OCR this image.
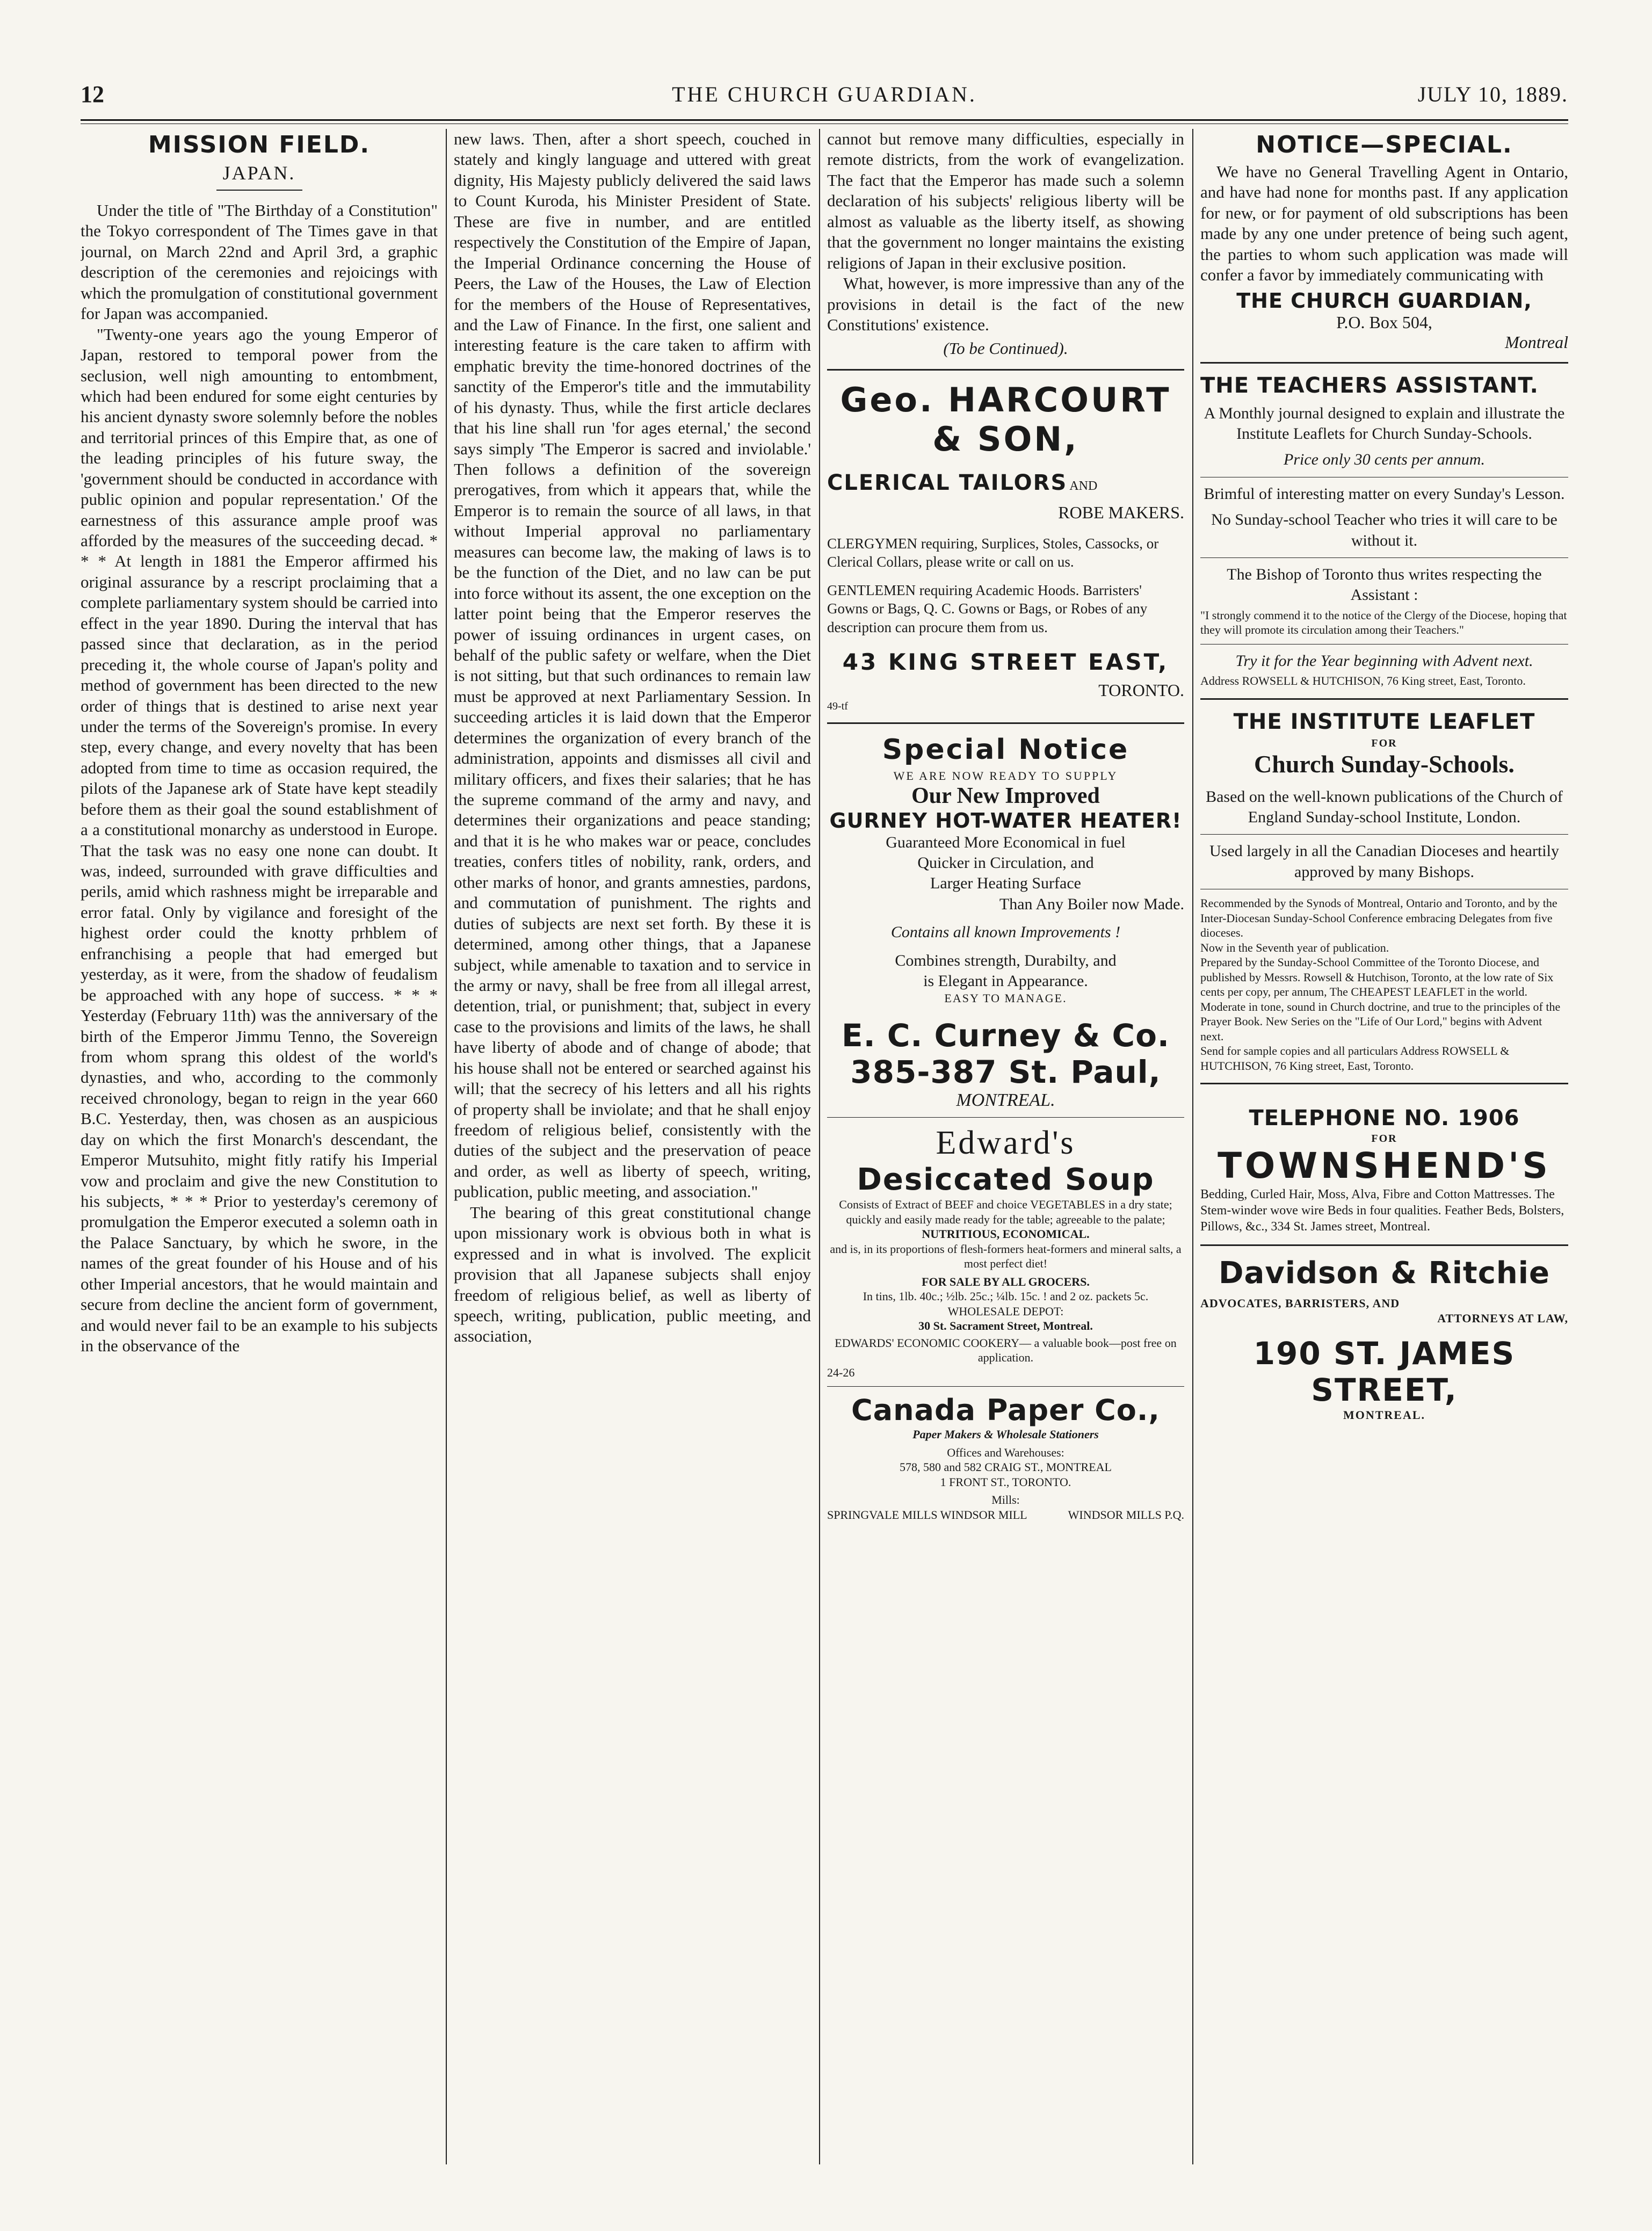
12	THE CHURCH GUARDIAN.	JULY 10, 1889.
MISSION FIELD.
JAPAN.

Under the title of "The Birthday of a Constitution" the Tokyo correspondent of The Times gave in that journal, on March 22nd and April 3rd, a graphic description of the ceremonies and rejoicings with which the promulgation of constitutional government for Japan was accompanied.

"Twenty-one years ago the young Emperor of Japan, restored to temporal power from the seclusion, well nigh amounting to entombment, which had been endured for some eight centuries by his ancient dynasty swore solemnly before the nobles and territorial princes of this Empire that, as one of the leading principles of his future sway, the 'government should be conducted in accordance with public opinion and popular representation.' Of the earnestness of this assurance ample proof was afforded by the measures of the succeeding decad. * * * At length in 1881 the Emperor affirmed his original assurance by a rescript proclaiming that a complete parliamentary system should be carried into effect in the year 1890. During the interval that has passed since that declaration, as in the period preceding it, the whole course of Japan's polity and method of government has been directed to the new order of things that is destined to arise next year under the terms of the Sovereign's promise. In every step, every change, and every novelty that has been adopted from time to time as occasion required, the pilots of the Japanese ark of State have kept steadily before them as their goal the sound establishment of a a constitutional monarchy as understood in Europe. That the task was no easy one none can doubt. It was, indeed, surrounded with grave difficulties and perils, amid which rashness might be irreparable and error fatal. Only by vigilance and foresight of the highest order could the knotty prhblem of enfranchising a people that had emerged but yesterday, as it were, from the shadow of feudalism be approached with any hope of success. * * * Yesterday (February 11th) was the anniversary of the birth of the Emperor Jimmu Tenno, the Sovereign from whom sprang this oldest of the world's dynasties, and who, according to the commonly received chronology, began to reign in the year 660 B.C. Yesterday, then, was chosen as an auspicious day on which the first Monarch's descendant, the Emperor Mutsuhito, might fitly ratify his Imperial vow and proclaim and give the new Constitution to his subjects, * * * Prior to yesterday's ceremony of promulgation the Emperor executed a solemn oath in the Palace Sanctuary, by which he swore, in the names of the great founder of his House and of his other Imperial ancestors, that he would maintain and secure from decline the ancient form of government, and would never fail to be an example to his subjects in the observance of the

new laws. Then, after a short speech, couched in stately and kingly language and uttered with great dignity, His Majesty publicly delivered the said laws to Count Kuroda, his Minister President of State. These are five in number, and are entitled respectively the Constitution of the Empire of Japan, the Imperial Ordinance concerning the House of Peers, the Law of the Houses, the Law of Election for the members of the House of Representatives, and the Law of Finance. In the first, one salient and interesting feature is the care taken to affirm with emphatic brevity the time-honored doctrines of the sanctity of the Emperor's title and the immutability of his dynasty. Thus, while the first article declares that his line shall run 'for ages eternal,' the second says simply 'The Emperor is sacred and inviolable.' Then follows a definition of the sovereign prerogatives, from which it appears that, while the Emperor is to remain the source of all laws, in that without Imperial approval no parliamentary measures can become law, the making of laws is to be the function of the Diet, and no law can be put into force without its assent, the one exception on the latter point being that the Emperor reserves the power of issuing ordinances in urgent cases, on behalf of the public safety or welfare, when the Diet is not sitting, but that such ordinances to remain law must be approved at next Parliamentary Session. In succeeding articles it is laid down that the Emperor determines the organization of every branch of the administration, appoints and dismisses all civil and military officers, and fixes their salaries; that he has the supreme command of the army and navy, and determines their organizations and peace standing; and that it is he who makes war or peace, concludes treaties, confers titles of nobility, rank, orders, and other marks of honor, and grants amnesties, pardons, and commutation of punishment. The rights and duties of subjects are next set forth. By these it is determined, among other things, that a Japanese subject, while amenable to taxation and to service in the army or navy, shall be free from all illegal arrest, detention, trial, or punishment; that, subject in every case to the provisions and limits of the laws, he shall have liberty of abode and of change of abode; that his house shall not be entered or searched against his will; that the secrecy of his letters and all his rights of property shall be inviolate; and that he shall enjoy freedom of religious belief, consistently with the duties of the subject and the preservation of peace and order, as well as liberty of speech, writing, publication, public meeting, and association."

The bearing of this great constitutional change upon missionary work is obvious both in what is expressed and in what is involved. The explicit provision that all Japanese subjects shall enjoy freedom of religious belief, as well as liberty of speech, writing, publication, public meeting, and association,

cannot but remove many difficulties, especially in remote districts, from the work of evangelization. The fact that the Emperor has made such a solemn declaration of his subjects' religious liberty will be almost as valuable as the liberty itself, as showing that the government no longer maintains the existing religions of Japan in their exclusive position.

What, however, is more impressive than any of the provisions in detail is the fact of the new Constitutions' existence.

(To be Continued).

Geo. HARCOURT
& SON,
CLERICAL TAILORS AND
ROBE MAKERS.
CLERGYMEN requiring, Surplices, Stoles, Cassocks, or Clerical Collars, please write or call on us.
GENTLEMEN requiring Academic Hoods. Barristers' Gowns or Bags, Q. C. Gowns or Bags, or Robes of any description can procure them from us.
43 KING STREET EAST,
TORONTO.
49-tf
Special Notice
WE ARE NOW READY TO SUPPLY
Our New Improved
GURNEY HOT-WATER HEATER!
Guaranteed More Economical in fuel
Quicker in Circulation, and
Larger Heating Surface
Than Any Boiler now Made.
Contains all known Improvements !
Combines strength, Durabilty, and
is Elegant in Appearance.
EASY TO MANAGE.
E. C. Curney & Co.
385-387 St. Paul,
MONTREAL.
Edward's
Desiccated Soup
Consists of Extract of BEEF and choice VEGETABLES in a dry state; quickly and easily made ready for the table; agreeable to the palate;
NUTRITIOUS, ECONOMICAL.
and is, in its proportions of flesh-formers heat-formers and mineral salts, a most perfect diet!
FOR SALE BY ALL GROCERS.
In tins, 1lb. 40c.; ½lb. 25c.; ¼lb. 15c. ! and 2 oz. packets 5c.
WHOLESALE DEPOT:
30 St. Sacrament Street, Montreal.
EDWARDS' ECONOMIC COOKERY— a valuable book—post free on application.
24-26
Canada Paper Co.,
Paper Makers & Wholesale Stationers
Offices and Warehouses:
578, 580 and 582 CRAIG ST., MONTREAL
1 FRONT ST., TORONTO.
Mills:
SPRINGVALE MILLS WINDSOR MILL	WINDSOR MILLS P.Q.
NOTICE—SPECIAL.

We have no General Travelling Agent in Ontario, and have had none for months past. If any application for new, or for payment of old subscriptions has been made by any one under pretence of being such agent, the parties to whom such application was made will confer a favor by immediately communicating with

THE CHURCH GUARDIAN,
P.O. Box 504,
Montreal
THE TEACHERS ASSISTANT.
A Monthly journal designed to explain and illustrate the Institute Leaflets for Church Sunday-Schools.
Price only 30 cents per annum.
Brimful of interesting matter on every Sunday's Lesson.
No Sunday-school Teacher who tries it will care to be without it.
The Bishop of Toronto thus writes respecting the Assistant :
"I strongly commend it to the notice of the Clergy of the Diocese, hoping that they will promote its circulation among their Teachers."
Try it for the Year beginning with Advent next.
Address ROWSELL & HUTCHISON, 76 King street, East, Toronto.
THE INSTITUTE LEAFLET
FOR
Church Sunday-Schools.
Based on the well-known publications of the Church of England Sunday-school Institute, London.
Used largely in all the Canadian Dioceses and heartily approved by many Bishops.
Recommended by the Synods of Montreal, Ontario and Toronto, and by the Inter-Diocesan Sunday-School Conference embracing Delegates from five dioceses.
Now in the Seventh year of publication.
Prepared by the Sunday-School Committee of the Toronto Diocese, and published by Messrs. Rowsell & Hutchison, Toronto, at the low rate of Six cents per copy, per annum, The CHEAPEST LEAFLET in the world. Moderate in tone, sound in Church doctrine, and true to the principles of the Prayer Book. New Series on the "Life of Our Lord," begins with Advent next.
Send for sample copies and all particulars Address ROWSELL & HUTCHISON, 76 King street, East, Toronto.
TELEPHONE NO. 1906
FOR
TOWNSHEND'S
Bedding, Curled Hair, Moss, Alva, Fibre and Cotton Mattresses. The Stem-winder wove wire Beds in four qualities. Feather Beds, Bolsters, Pillows, &c., 334 St. James street, Montreal.
Davidson & Ritchie
ADVOCATES, BARRISTERS, AND
ATTORNEYS AT LAW,
190 ST. JAMES STREET,
MONTREAL.
